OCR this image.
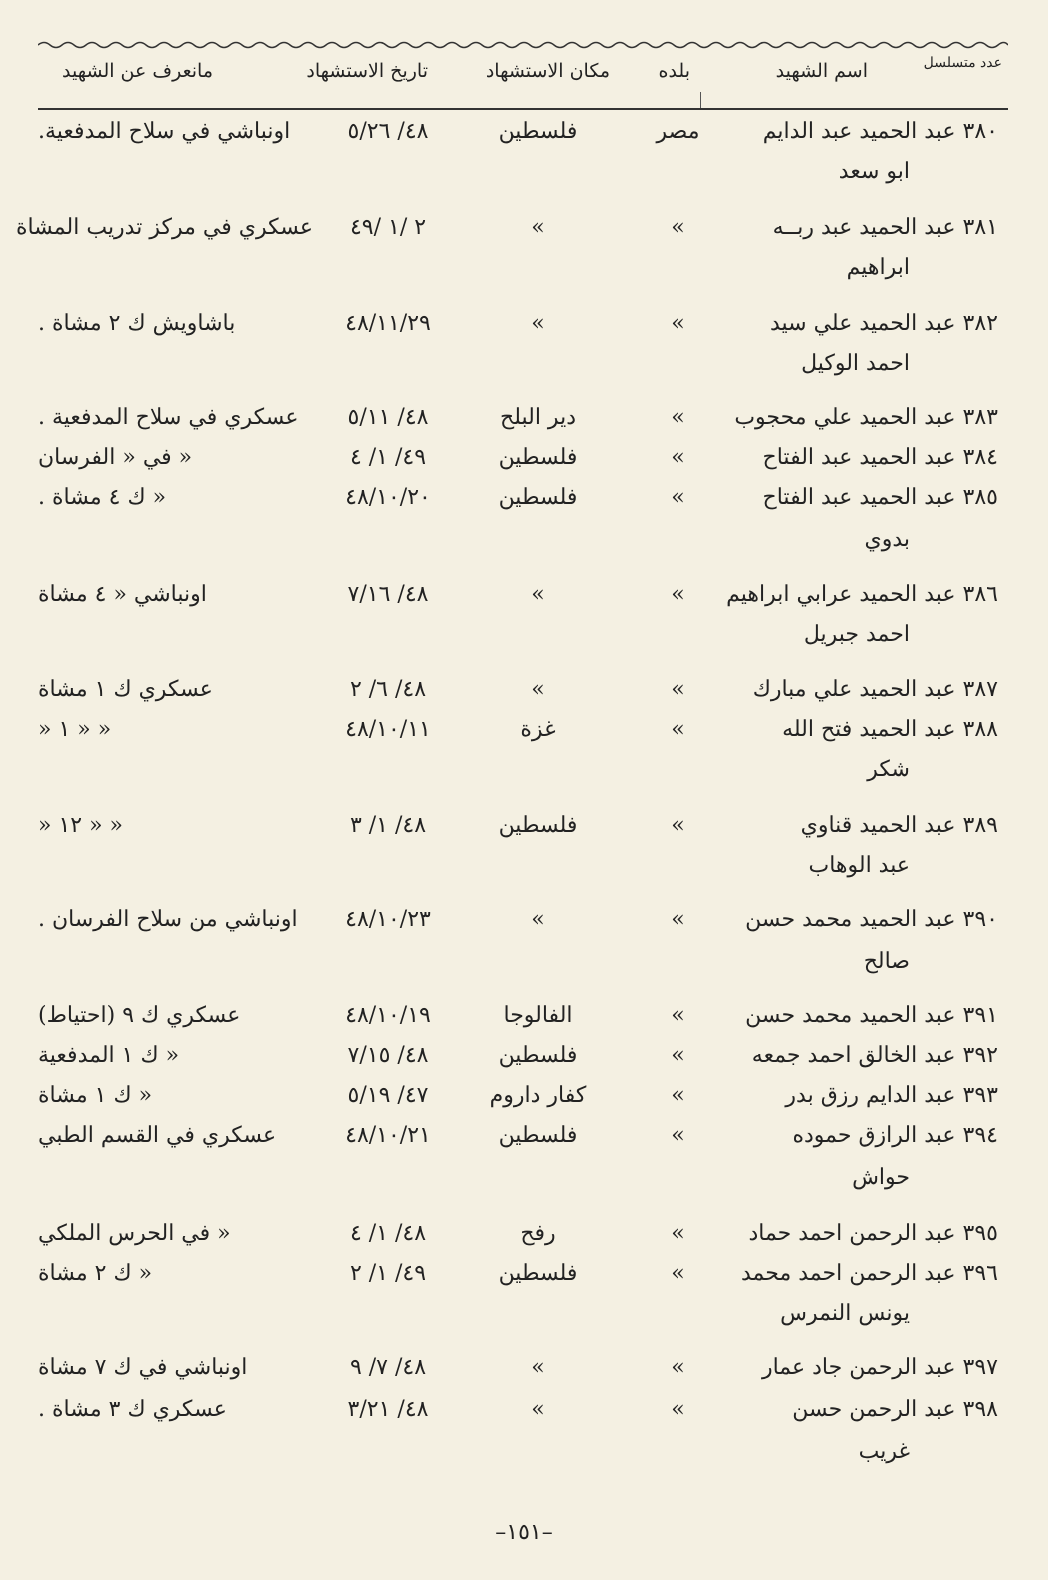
عدد متسلسل
اسم الشهيد
بلده
مكان الاستشهاد
تاريخ الاستشهاد
مانعرف عن الشهيد
٣٨٠ عبد الحميد عبد الدايم
مصر
فلسطين
٤٨/ ٥/٢٦
اونباشي في سلاح المدفعية.
ابو سعد
٣٨١ عبد الحميد عبد ربــه
»
»
٢ /١ /٤٩
عسكري في مركز تدريب المشاة
ابراهيم
٣٨٢ عبد الحميد علي سيد
»
»
٤٨/١١/٢٩
باشاويش ك ٢ مشاة .
احمد الوكيل
٣٨٣ عبد الحميد علي محجوب
»
دير البلح
٤٨/ ٥/١١
عسكري في سلاح المدفعية .
٣٨٤ عبد الحميد عبد الفتاح
»
فلسطين
٤٩/ ١/ ٤
« في « الفرسان
٣٨٥ عبد الحميد عبد الفتاح
»
فلسطين
٤٨/١٠/٢٠
« ك ٤ مشاة .
بدوي
٣٨٦ عبد الحميد عرابي ابراهيم
»
»
٤٨/ ٧/١٦
اونباشي « ٤ مشاة
احمد جبريل
٣٨٧ عبد الحميد علي مبارك
»
»
٤٨/ ٦/ ٢
عسكري ك ١ مشاة
٣٨٨ عبد الحميد فتح الله
»
غزة
٤٨/١٠/١١
« « ١ «
شكر
٣٨٩ عبد الحميد قناوي
»
فلسطين
٤٨/ ١/ ٣
« « ١٢ «
عبد الوهاب
٣٩٠ عبد الحميد محمد حسن
»
»
٤٨/١٠/٢٣
اونباشي من سلاح الفرسان .
صالح
٣٩١ عبد الحميد محمد حسن
»
الفالوجا
٤٨/١٠/١٩
عسكري ك ٩ (احتياط)
٣٩٢ عبد الخالق احمد جمعه
»
فلسطين
٤٨/ ٧/١٥
« ك ١ المدفعية
٣٩٣ عبد الدايم رزق بدر
»
كفار داروم
٤٧/ ٥/١٩
« ك ١ مشاة
٣٩٤ عبد الرازق حموده
»
فلسطين
٤٨/١٠/٢١
عسكري في القسم الطبي
حواش
٣٩٥ عبد الرحمن احمد حماد
»
رفح
٤٨/ ١/ ٤
« في الحرس الملكي
٣٩٦ عبد الرحمن احمد محمد
»
فلسطين
٤٩/ ١/ ٢
« ك ٢ مشاة
يونس النمرس
٣٩٧ عبد الرحمن جاد عمار
»
»
٤٨/ ٧/ ٩
اونباشي في ك ٧ مشاة
٣٩٨ عبد الرحمن حسن
»
»
٤٨/ ٣/٢١
عسكري ك ٣ مشاة .
غريب
–١٥١–
